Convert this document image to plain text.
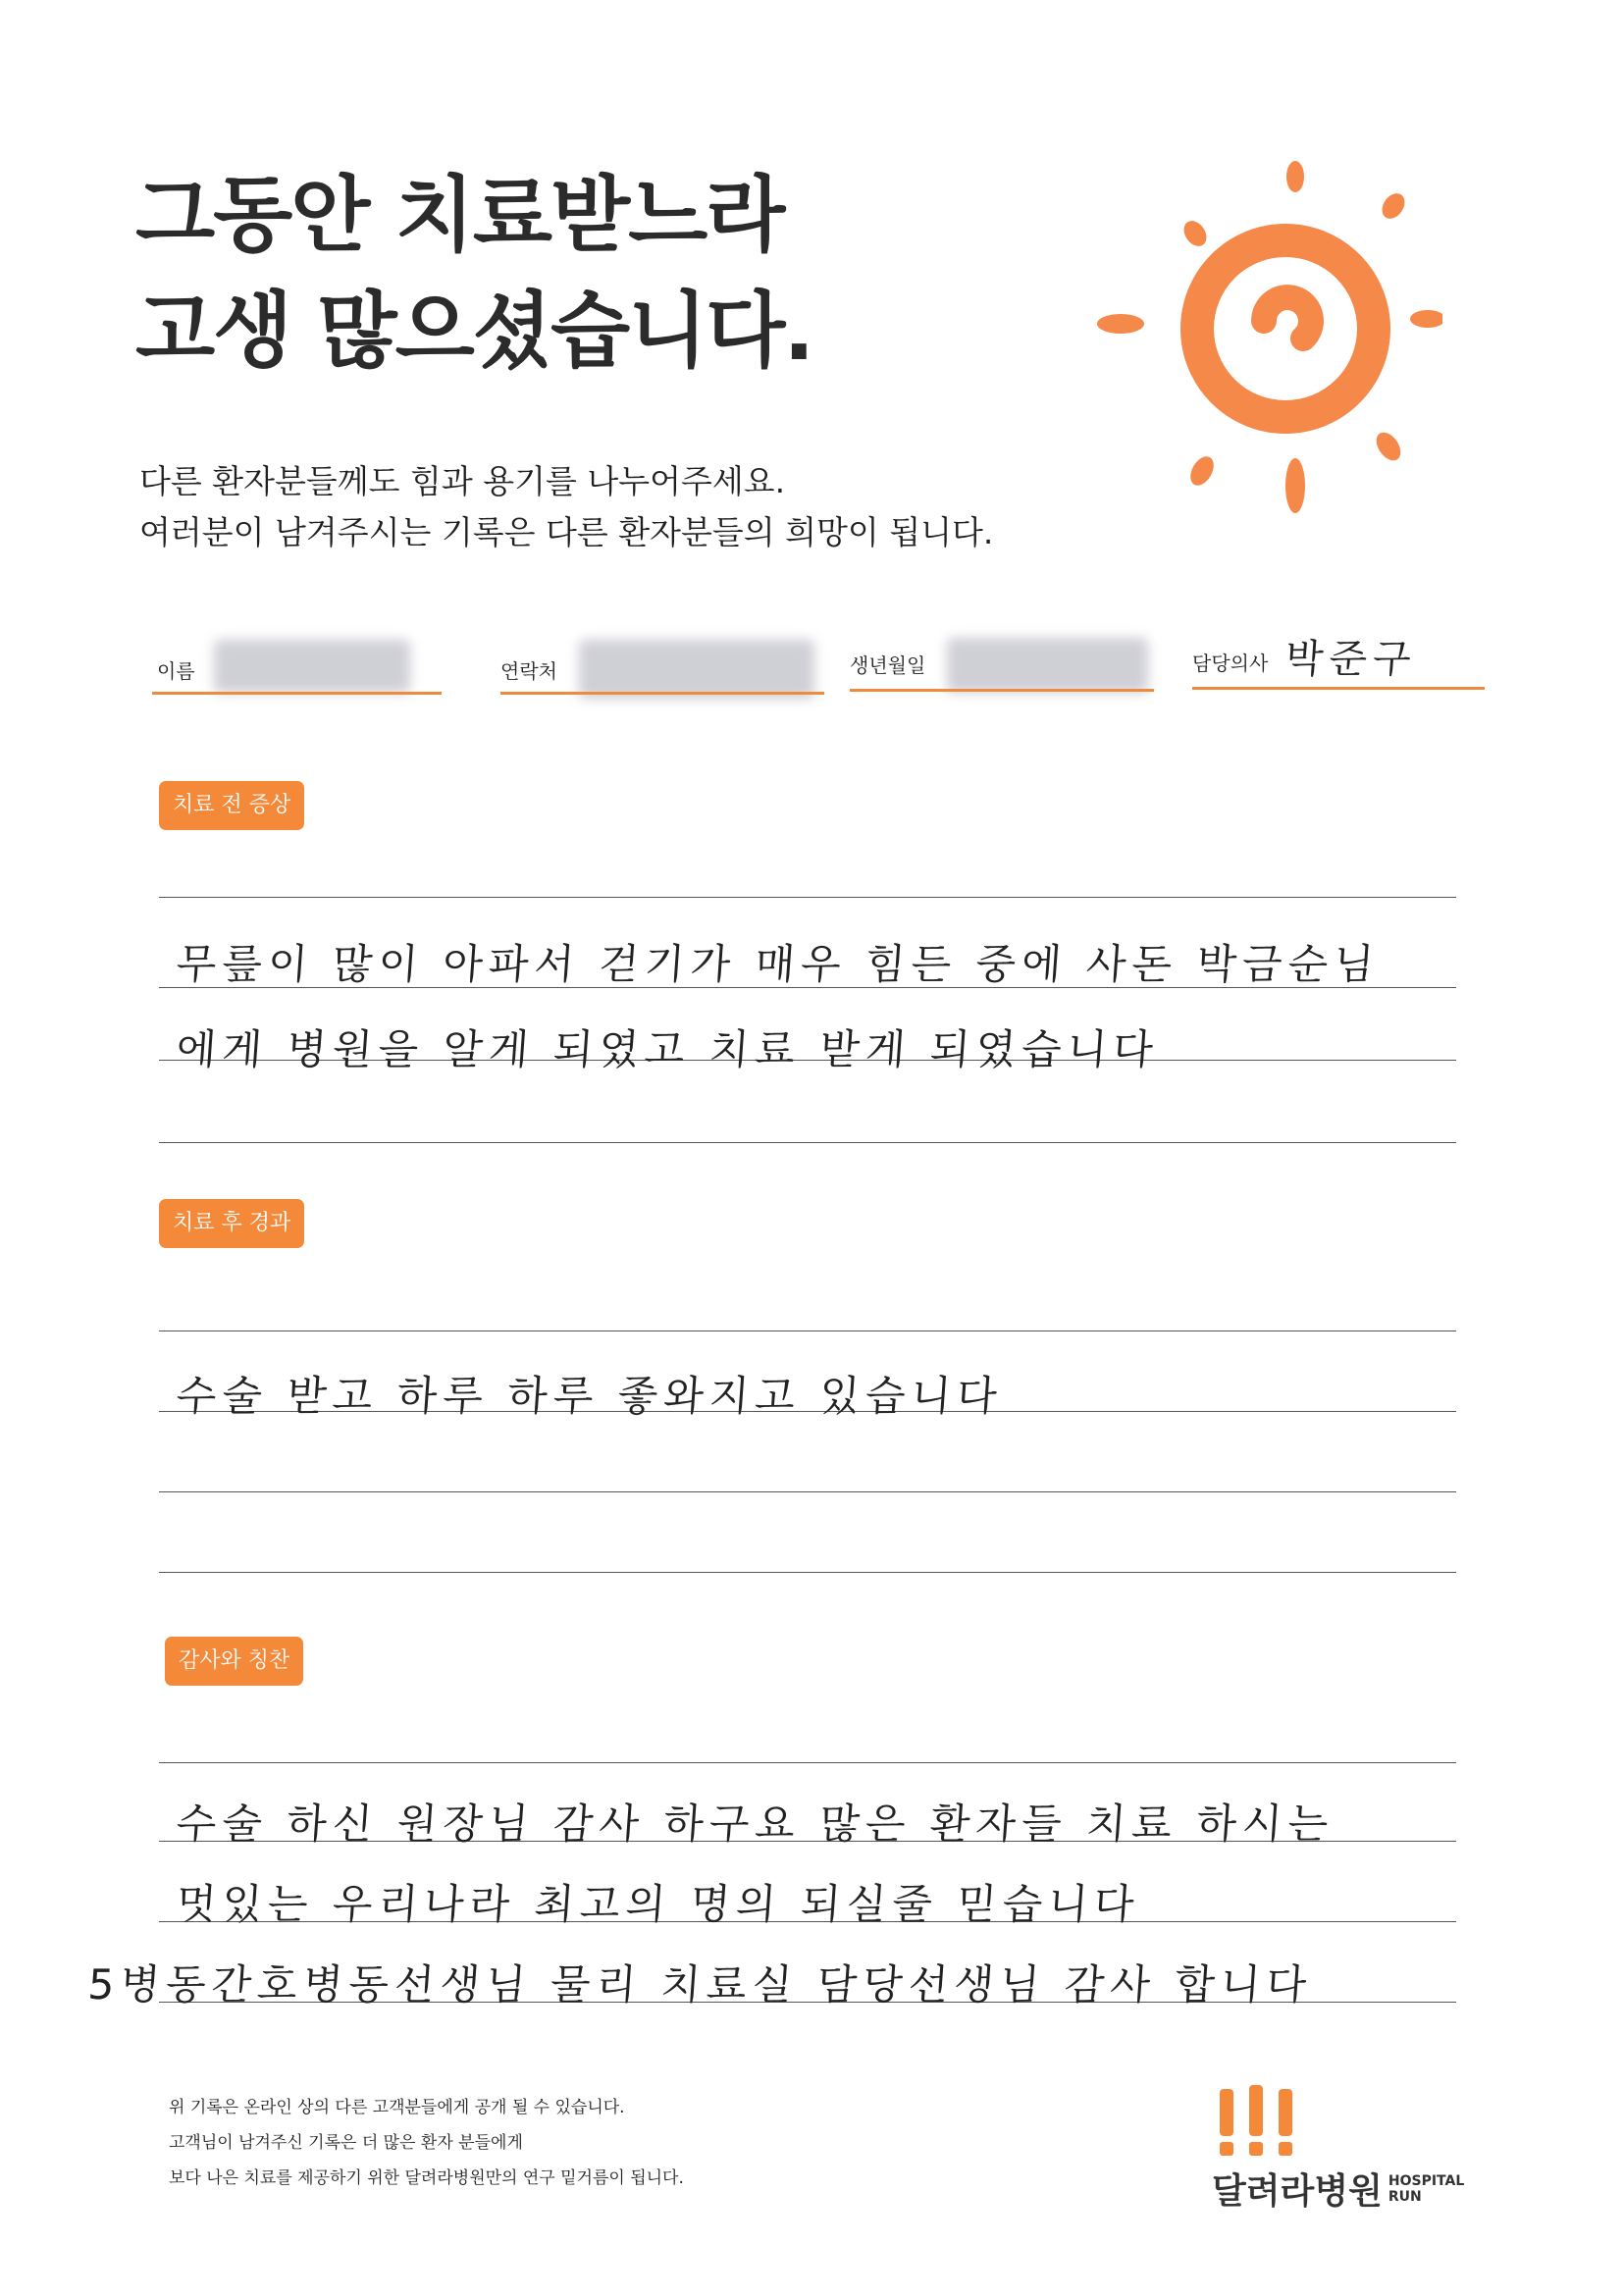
그동안 치료받느라
고생 많으셨습니다.
다른 환자분들께도 힘과 용기를 나누어주세요.
여러분이 남겨주시는 기록은 다른 환자분들의 희망이 됩니다.
이름	연락처	생년월일	담당의사 박준구
치료 전 증상
무릎이 많이 아파서 걷기가 매우 힘든 중에 사돈 박금순님
에게 병원을 알게 되였고 치료 받게 되였습니다
치료 후 경과
수술 받고 하루 하루 좋와지고 있습니다
감사와 칭찬
수술 하신 원장님 감사 하구요 많은 환자들 치료 하시는
멋있는 우리나라 최고의 명의 되실줄 믿습니다
5병동간호병동선생님 물리 치료실 담당선생님 감사 합니다
위 기록은 온라인 상의 다른 고객분들에게 공개 될 수 있습니다.
고객님이 남겨주신 기록은 더 많은 환자 분들에게
보다 나은 치료를 제공하기 위한 달려라병원만의 연구 밑거름이 됩니다.	달려라병원 HOSPITAL
RUN
